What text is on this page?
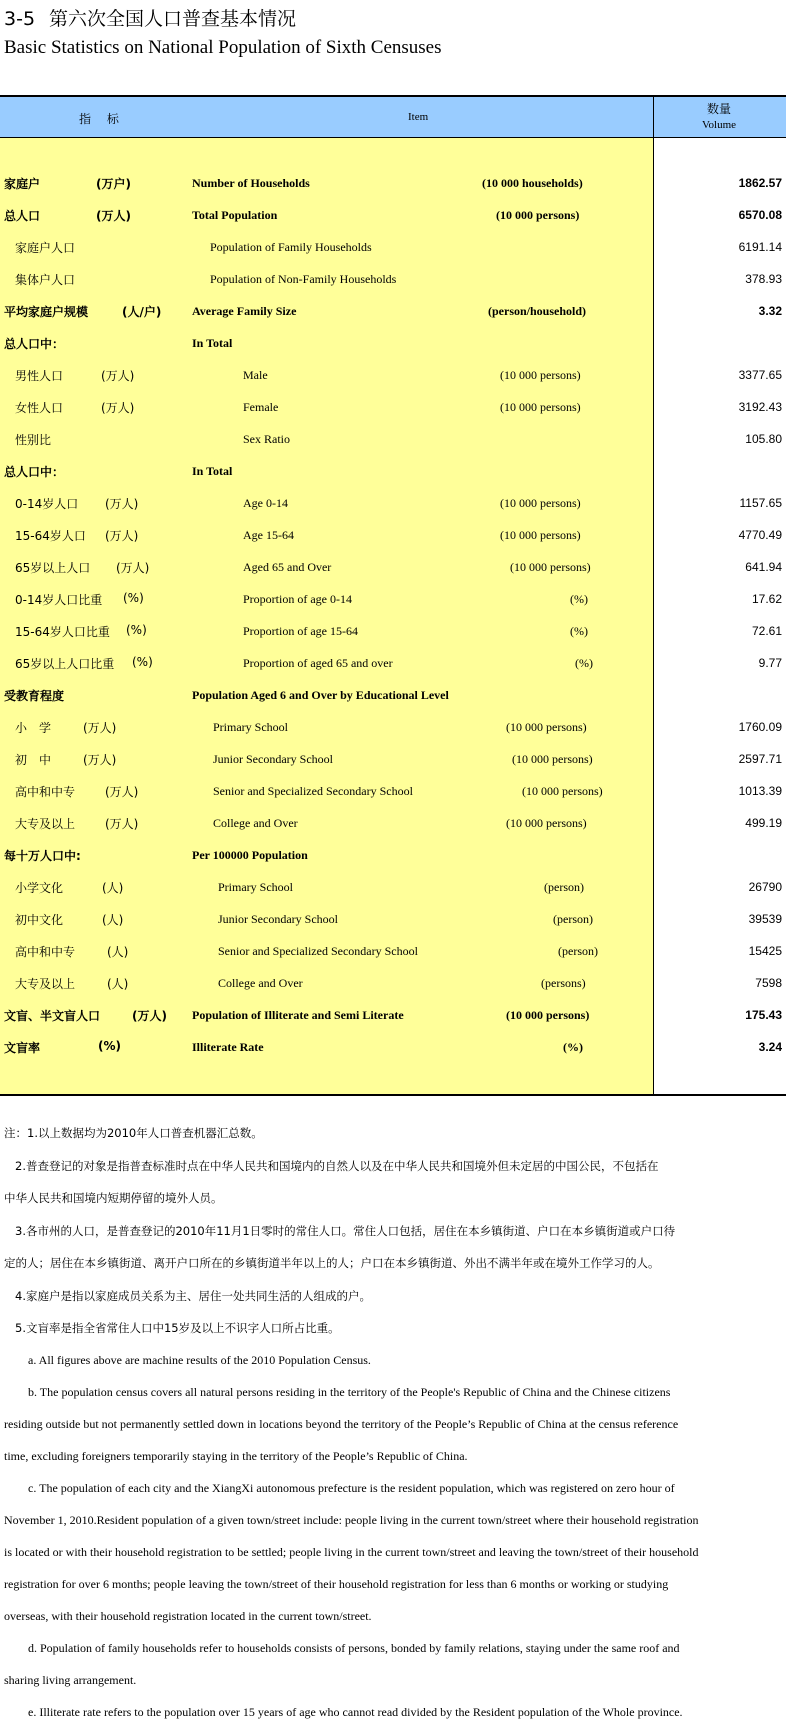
3-5 第六次全国人口普查基本情况
Basic Statistics on National Population of Sixth Censuses
指 标	Item
数量
Volume
家庭户	(万户)	Number of Households	(10 000 households)	1862.57
总人口	(万人)	Total Population	(10 000 persons)	6570.08
家庭户人口	Population of Family Households	6191.14
集体户人口	Population of Non-Family Households	378.93
平均家庭户规模	(人/户)	Average Family Size	(person/household)	3.32
总人口中：	In Total
男性人口	(万人)	Male	(10 000 persons)	3377.65
女性人口	(万人)	Female	(10 000 persons)	3192.43
性别比	Sex Ratio	105.80
总人口中：	In Total
0-14岁人口 (万人)	Age 0-14	(10 000 persons)	1157.65
15-64岁人口 (万人)	Age 15-64	(10 000 persons)	4770.49
65岁以上人口 (万人)	Aged 65 and Over	(10 000 persons)	641.94
0-14岁人口比重 (%)	Proportion of age 0-14	(%)	17.62
15-64岁人口比重 (%)	Proportion of age 15-64	(%)	72.61
65岁以上人口比重 (%)	Proportion of aged 65 and over	(%)	9.77
受教育程度	Population Aged 6 and Over by Educational Level
小　学	(万人)	Primary School	(10 000 persons)	1760.09
初　中	(万人)	Junior Secondary School	(10 000 persons)	2597.71
高中和中专 (万人)	Senior and Specialized Secondary School	(10 000 persons)	1013.39
大专及以上 (万人)	College and Over	(10 000 persons)	499.19
每十万人口中:	Per 100000 Population
小学文化	(人)	Primary School	(person)	26790
初中文化	(人)	Junior Secondary School	(person)	39539
高中和中专	(人)	Senior and Specialized Secondary School	(person)	15425
大专及以上	(人)	College and Over	(persons)	7598
文盲、半文盲人口	(万人) Population of Illiterate and Semi Literate	(10 000 persons)	175.43
文盲率	(%)	Illiterate Rate	(%)	3.24
注：1.以上数据均为2010年人口普查机器汇总数。
2.普查登记的对象是指普查标准时点在中华人民共和国境内的自然人以及在中华人民共和国境外但未定居的中国公民，不包括在
中华人民共和国境内短期停留的境外人员。
3.各市州的人口，是普查登记的2010年11月1日零时的常住人口。常住人口包括，居住在本乡镇街道、户口在本乡镇街道或户口待
定的人；居住在本乡镇街道、离开户口所在的乡镇街道半年以上的人；户口在本乡镇街道、外出不满半年或在境外工作学习的人。
4.家庭户是指以家庭成员关系为主、居住一处共同生活的人组成的户。
5.文盲率是指全省常住人口中15岁及以上不识字人口所占比重。
a. All figures above are machine results of the 2010 Population Census.
b. The population census covers all natural persons residing in the territory of the People's Republic of China and the Chinese citizens
residing outside but not permanently settled down in locations beyond the territory of the People’s Republic of China at the census reference
time, excluding foreigners temporarily staying in the territory of the People’s Republic of China.
c. The population of each city and the XiangXi autonomous prefecture is the resident population, which was registered on zero hour of
November 1, 2010.Resident population of a given town/street include: people living in the current town/street where their household registration
is located or with their household registration to be settled; people living in the current town/street and leaving the town/street of their household
registration for over 6 months; people leaving the town/street of their household registration for less than 6 months or working or studying
overseas, with their household registration located in the current town/street.
d. Population of family households refer to households consists of persons, bonded by family relations, staying under the same roof and
sharing living arrangement.
e. Illiterate rate refers to the population over 15 years of age who cannot read divided by the Resident population of the Whole province.
